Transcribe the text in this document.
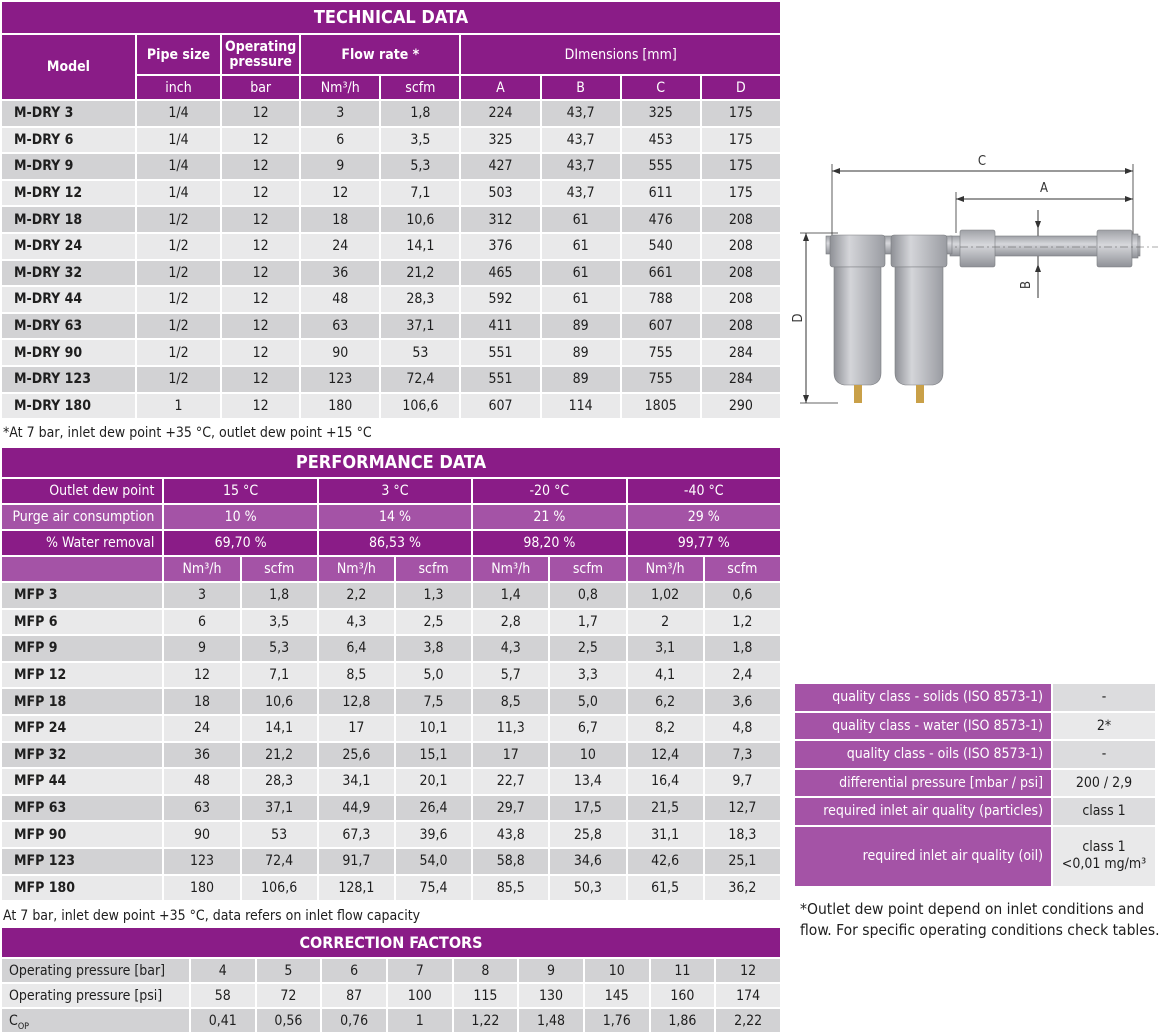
TECHNICAL DATA								
Model	Pipe size	Operating pressure	Flow rate *		DImensions [mm]			
	inch	bar	Nm³/h	scfm	A	B	C	D
M-DRY 3	1/4	12	3	1,8	224	43,7	325	175
M-DRY 6	1/4	12	6	3,5	325	43,7	453	175
M-DRY 9	1/4	12	9	5,3	427	43,7	555	175
M-DRY 12	1/4	12	12	7,1	503	43,7	611	175
M-DRY 18	1/2	12	18	10,6	312	61	476	208
M-DRY 24	1/2	12	24	14,1	376	61	540	208
M-DRY 32	1/2	12	36	21,2	465	61	661	208
M-DRY 44	1/2	12	48	28,3	592	61	788	208
M-DRY 63	1/2	12	63	37,1	411	89	607	208
M-DRY 90	1/2	12	90	53	551	89	755	284
M-DRY 123	1/2	12	123	72,4	551	89	755	284
M-DRY 180	1	12	180	106,6	607	114	1805	290
*At 7 bar, inlet dew point +35 °C, outlet dew point +15 °C
C
A
D
B
PERFORMANCE DATA								
Outlet dew point	15 °C		3 °C		-20 °C		-40 °C	
Purge air consumption	10 %		14 %		21 %		29 %	
% Water removal	69,70 %		86,53 %		98,20 %		99,77 %	
	Nm³/h	scfm	Nm³/h	scfm	Nm³/h	scfm	Nm³/h	scfm
MFP 3	3	1,8	2,2	1,3	1,4	0,8	1,02	0,6
MFP 6	6	3,5	4,3	2,5	2,8	1,7	2	1,2
MFP 9	9	5,3	6,4	3,8	4,3	2,5	3,1	1,8
MFP 12	12	7,1	8,5	5,0	5,7	3,3	4,1	2,4
MFP 18	18	10,6	12,8	7,5	8,5	5,0	6,2	3,6
MFP 24	24	14,1	17	10,1	11,3	6,7	8,2	4,8
MFP 32	36	21,2	25,6	15,1	17	10	12,4	7,3
MFP 44	48	28,3	34,1	20,1	22,7	13,4	16,4	9,7
MFP 63	63	37,1	44,9	26,4	29,7	17,5	21,5	12,7
MFP 90	90	53	67,3	39,6	43,8	25,8	31,1	18,3
MFP 123	123	72,4	91,7	54,0	58,8	34,6	42,6	25,1
MFP 180	180	106,6	128,1	75,4	85,5	50,3	61,5	36,2
At 7 bar, inlet dew point +35 °C, data refers on inlet flow capacity
quality class - solids (ISO 8573-1)	-
quality class - water (ISO 8573-1)	2*
quality class - oils (ISO 8573-1)	-
differential pressure [mbar / psi]	200 / 2,9
required inlet air quality (particles)	class 1
required inlet air quality (oil)	class 1
<0,01 mg/m³
*Outlet dew point depend on inlet conditions and flow. For specific operating conditions check tables.
CORRECTION FACTORS									
Operating pressure [bar]	4	5	6	7	8	9	10	11	12
Operating pressure [psi]	58	72	87	100	115	130	145	160	174
$C_{OP}$	0,41	0,56	0,76	1	1,22	1,48	1,76	1,86	2,22
